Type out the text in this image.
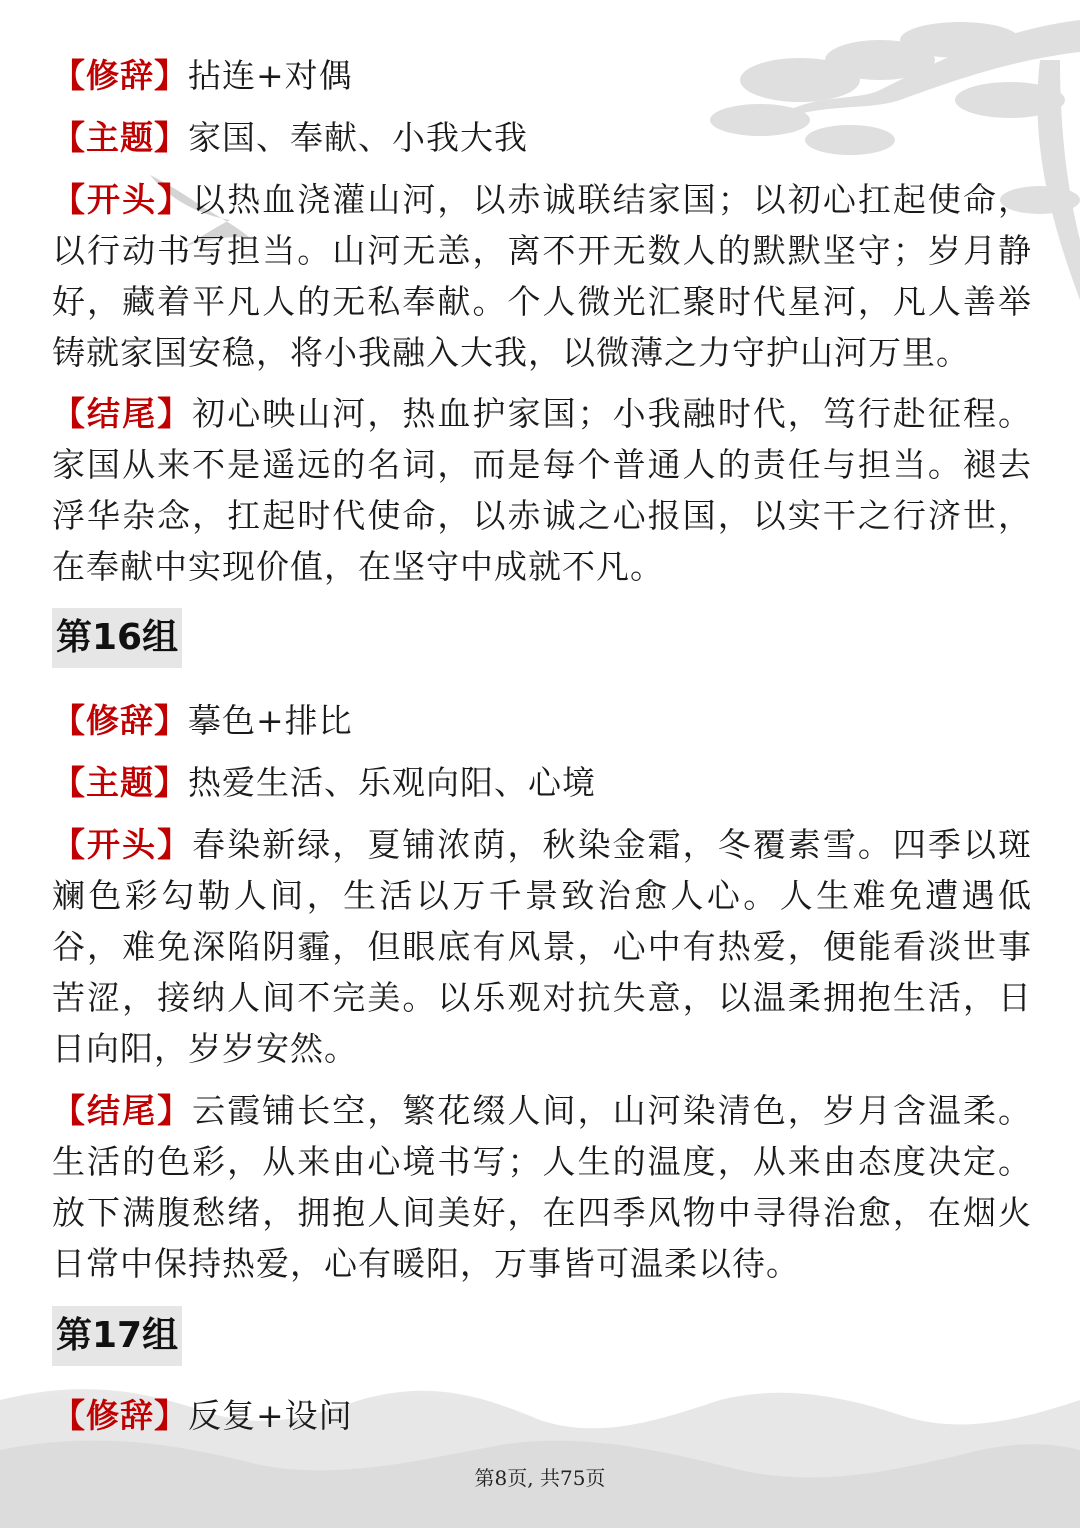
【修辞】拈连+对偶

【主题】家国、奉献、小我大我

【开头】以热血浇灌山河，以赤诚联结家国；以初心扛起使命，以行动书写担当。山河无恙，离不开无数人的默默坚守；岁月静好，藏着平凡人的无私奉献。个人微光汇聚时代星河，凡人善举铸就家国安稳，将小我融入大我，以微薄之力守护山河万里。

【结尾】初心映山河，热血护家国；小我融时代，笃行赴征程。家国从来不是遥远的名词，而是每个普通人的责任与担当。褪去浮华杂念，扛起时代使命，以赤诚之心报国，以实干之行济世，在奉献中实现价值，在坚守中成就不凡。

第16组

【修辞】摹色+排比

【主题】热爱生活、乐观向阳、心境

【开头】春染新绿，夏铺浓荫，秋染金霜，冬覆素雪。四季以斑斓色彩勾勒人间，生活以万千景致治愈人心。人生难免遭遇低谷，难免深陷阴霾，但眼底有风景，心中有热爱，便能看淡世事苦涩，接纳人间不完美。以乐观对抗失意，以温柔拥抱生活，日日向阳，岁岁安然。

【结尾】云霞铺长空，繁花缀人间，山河染清色，岁月含温柔。生活的色彩，从来由心境书写；人生的温度，从来由态度决定。放下满腹愁绪，拥抱人间美好，在四季风物中寻得治愈，在烟火日常中保持热爱，心有暖阳，万事皆可温柔以待。

第17组

【修辞】反复+设问

第8页, 共75页
